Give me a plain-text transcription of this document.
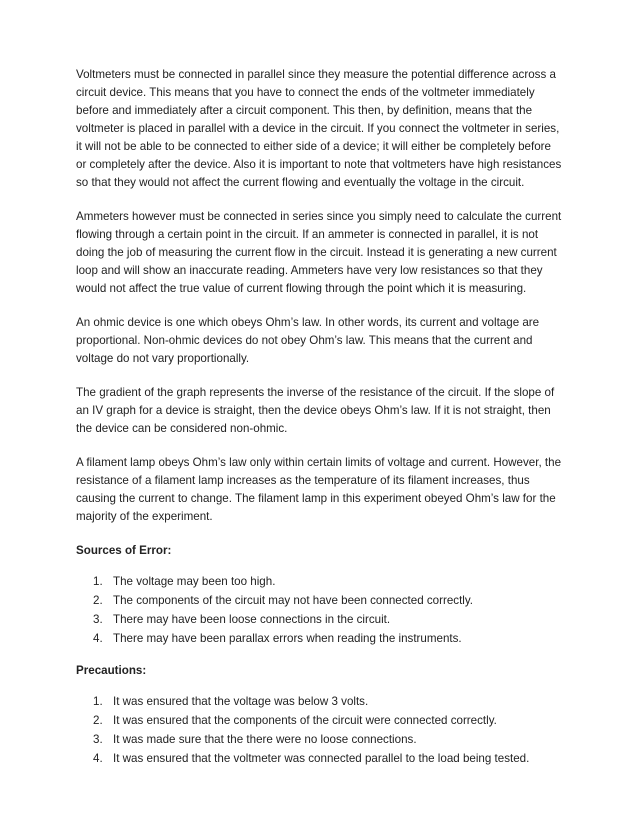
Voltmeters must be connected in parallel since they measure the potential difference across a circuit device. This means that you have to connect the ends of the voltmeter immediately before and immediately after a circuit component. This then, by definition, means that the voltmeter is placed in parallel with a device in the circuit. If you connect the voltmeter in series, it will not be able to be connected to either side of a device; it will either be completely before or completely after the device. Also it is important to note that voltmeters have high resistances so that they would not affect the current flowing and eventually the voltage in the circuit.

Ammeters however must be connected in series since you simply need to calculate the current flowing through a certain point in the circuit. If an ammeter is connected in parallel, it is not doing the job of measuring the current flow in the circuit. Instead it is generating a new current loop and will show an inaccurate reading. Ammeters have very low resistances so that they would not affect the true value of current flowing through the point which it is measuring.

An ohmic device is one which obeys Ohm’s law. In other words, its current and voltage are proportional. Non-ohmic devices do not obey Ohm’s law. This means that the current and voltage do not vary proportionally.

The gradient of the graph represents the inverse of the resistance of the circuit. If the slope of an IV graph for a device is straight, then the device obeys Ohm’s law. If it is not straight, then the device can be considered non-ohmic.

A filament lamp obeys Ohm’s law only within certain limits of voltage and current. However, the resistance of a filament lamp increases as the temperature of its filament increases, thus causing the current to change. The filament lamp in this experiment obeyed Ohm’s law for the majority of the experiment.

Sources of Error:

1. The voltage may been too high.
2. The components of the circuit may not have been connected correctly.
3. There may have been loose connections in the circuit.
4. There may have been parallax errors when reading the instruments.

Precautions:

1. It was ensured that the voltage was below 3 volts.
2. It was ensured that the components of the circuit were connected correctly.
3. It was made sure that the there were no loose connections.
4. It was ensured that the voltmeter was connected parallel to the load being tested.
